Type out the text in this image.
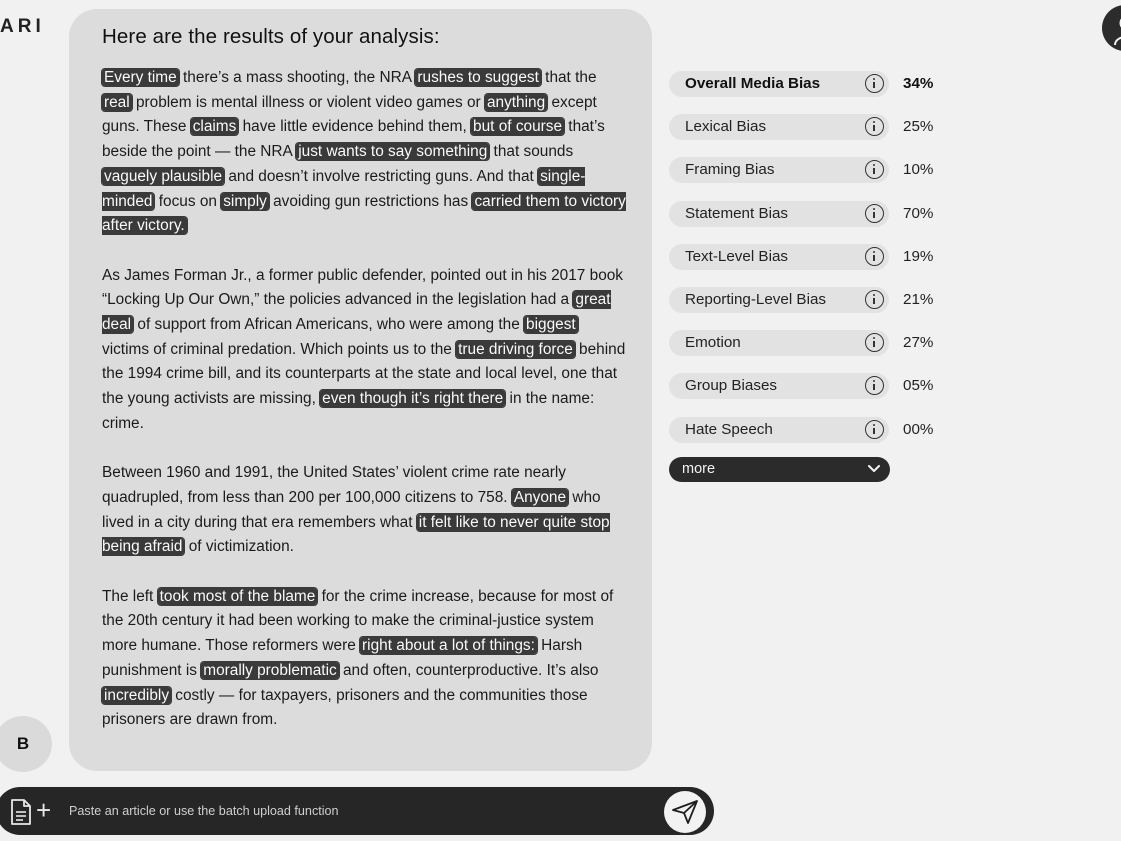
ARI	Here are the results of your analysis:

Every time there’s a mass shooting, the NRA rushes to suggest that the real problem is mental illness or violent video games or anything except guns. These claims have little evidence behind them, but of course that’s beside the point — the NRA just wants to say something that sounds vaguely plausible and doesn’t involve restricting guns. And that single-minded focus on simply avoiding gun restrictions has carried them to victory after victory.

As James Forman Jr., a former public defender, pointed out in his 2017 book “Locking Up Our Own,” the policies advanced in the legislation had a great deal of support from African Americans, who were among the biggest victims of criminal predation. Which points us to the true driving force behind the 1994 crime bill, and its counterparts at the state and local level, one that the young activists are missing, even though it’s right there in the name: crime.

Between 1960 and 1991, the United States’ violent crime rate nearly quadrupled, from less than 200 per 100,000 citizens to 758. Anyone who lived in a city during that era remembers what it felt like to never quite stop being afraid of victimization.

The left took most of the blame for the crime increase, because for most of the 20th century it had been working to make the criminal-justice system more humane. Those reformers were right about a lot of things: Harsh punishment is morally problematic and often, counterproductive. It’s also incredibly costly — for taxpayers, prisoners and the communities those prisoners are drawn from.

B
Overall Media Bias	34%
Lexical Bias	25%
Framing Bias	10%
Statement Bias	70%
Text-Level Bias	19%
Reporting-Level Bias	21%
Emotion	27%
Group Biases	05%
Hate Speech	00%
more
+
Paste an article or use the batch upload function
